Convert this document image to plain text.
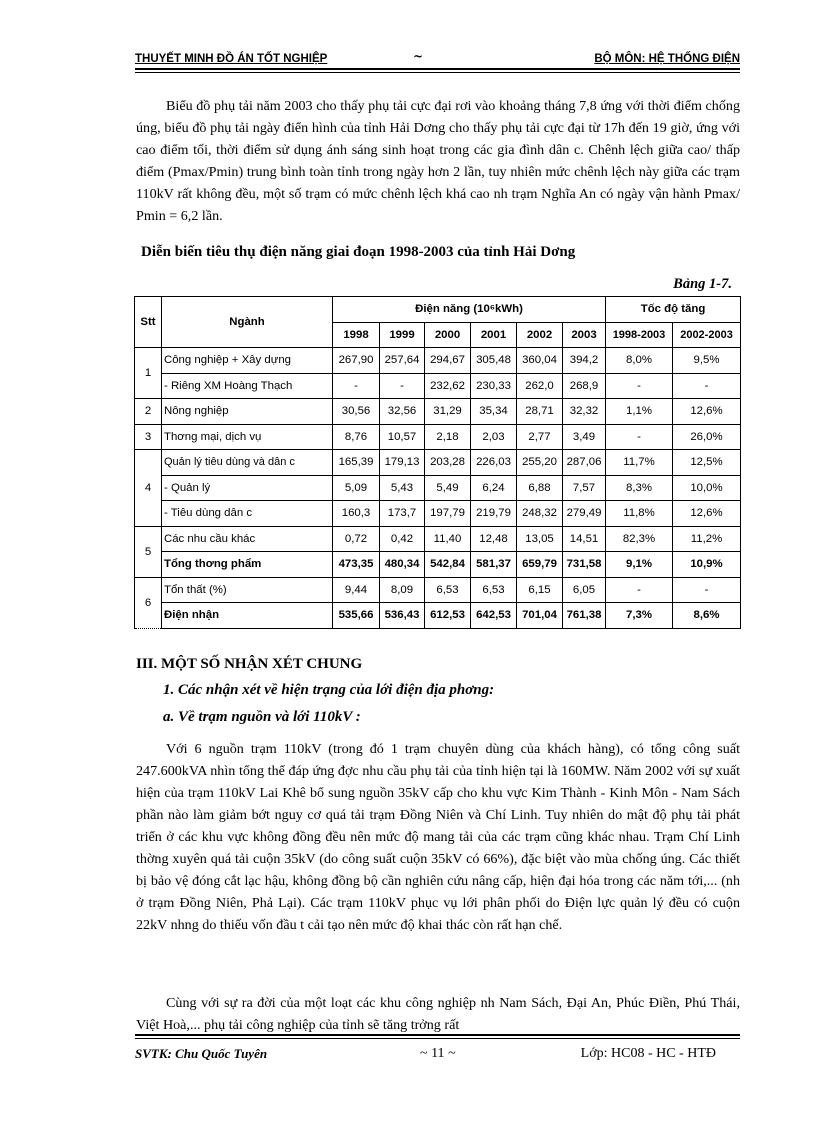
THUYẾT MINH ĐỒ ÁN TỐT NGHIỆP	~	BỘ MÔN: HỆ THỐNG ĐIỆN

Biểu đồ phụ tải năm 2003 cho thấy phụ tải cực đại rơi vào khoảng tháng 7,8 ứng với thời điểm chống úng, biểu đồ phụ tải ngày điển hình của tỉnh Hải Dơng cho thấy phụ tải cực đại từ 17h đến 19 giờ, ứng với cao điểm tối, thời điểm sử dụng ánh sáng sinh hoạt trong các gia đình dân c. Chênh lệch giữa cao/ thấp điểm (Pmax/Pmin) trung bình toàn tỉnh trong ngày hơn 2 lần, tuy nhiên mức chênh lệch này giữa các trạm 110kV rất không đều, một số trạm có mức chênh lệch khá cao nh trạm Nghĩa An có ngày vận hành Pmax/ Pmin = 6,2 lần.

Diễn biến tiêu thụ điện năng giai đoạn 1998-2003 của tỉnh Hải Dơng
Bảng 1-7.
Stt	Ngành	Điện năng (10⁶kWh)						Tốc độ tăng	
		1998	1999	2000	2001	2002	2003	1998-2003	2002-2003
1	Công nghiệp + Xây dựng	267,90	257,64	294,67	305,48	360,04	394,2	8,0%	9,5%
	- Riêng XM Hoàng Thạch	-	-	232,62	230,33	262,0	268,9	-	-
2	Nông nghiệp	30,56	32,56	31,29	35,34	28,71	32,32	1,1%	12,6%
3	Thơng mại, dịch vụ	8,76	10,57	2,18	2,03	2,77	3,49	-	26,0%
4	Quản lý tiêu dùng và dân c	165,39	179,13	203,28	226,03	255,20	287,06	11,7%	12,5%
	- Quản lý	5,09	5,43	5,49	6,24	6,88	7,57	8,3%	10,0%
	- Tiêu dùng dân c	160,3	173,7	197,79	219,79	248,32	279,49	11,8%	12,6%
5	Các nhu cầu khác	0,72	0,42	11,40	12,48	13,05	14,51	82,3%	11,2%
	Tổng thơng phẩm	473,35	480,34	542,84	581,37	659,79	731,58	9,1%	10,9%
6	Tổn thất (%)	9,44	8,09	6,53	6,53	6,15	6,05	-	-
	Điện nhận	535,66	536,43	612,53	642,53	701,04	761,38	7,3%	8,6%
III. MỘT SỐ NHẬN XÉT CHUNG
1. Các nhận xét về hiện trạng của lới điện địa phơng:
a. Về trạm nguồn và lới 110kV :

Với 6 nguồn trạm 110kV (trong đó 1 trạm chuyên dùng của khách hàng), có tổng công suất 247.600kVA nhìn tổng thể đáp ứng đợc nhu cầu phụ tải của tỉnh hiện tại là 160MW. Năm 2002 với sự xuất hiện của trạm 110kV Lai Khê bổ sung nguồn 35kV cấp cho khu vực Kim Thành - Kinh Môn - Nam Sách phần nào làm giảm bớt nguy cơ quá tải trạm Đồng Niên và Chí Linh. Tuy nhiên do mật độ phụ tải phát triển ở các khu vực không đồng đều nên mức độ mang tải của các trạm cũng khác nhau. Trạm Chí Linh thờng xuyên quá tải cuộn 35kV (do công suất cuộn 35kV có 66%), đặc biệt vào mùa chống úng. Các thiết bị bảo vệ đóng cắt lạc hậu, không đồng bộ cần nghiên cứu nâng cấp, hiện đại hóa trong các năm tới,... (nh ở trạm Đồng Niên, Phả Lại). Các trạm 110kV phục vụ lới phân phối do Điện lực quản lý đều có cuộn 22kV nhng do thiếu vốn đầu t cải tạo nên mức độ khai thác còn rất hạn chế.

Cùng với sự ra đời của một loạt các khu công nghiệp nh Nam Sách, Đại An, Phúc Điền, Phú Thái, Việt Hoà,... phụ tải công nghiệp của tỉnh sẽ tăng trởng rất

SVTK: Chu Quốc Tuyên	~ 11 ~	Lớp: HC08 - HC - HTĐ
